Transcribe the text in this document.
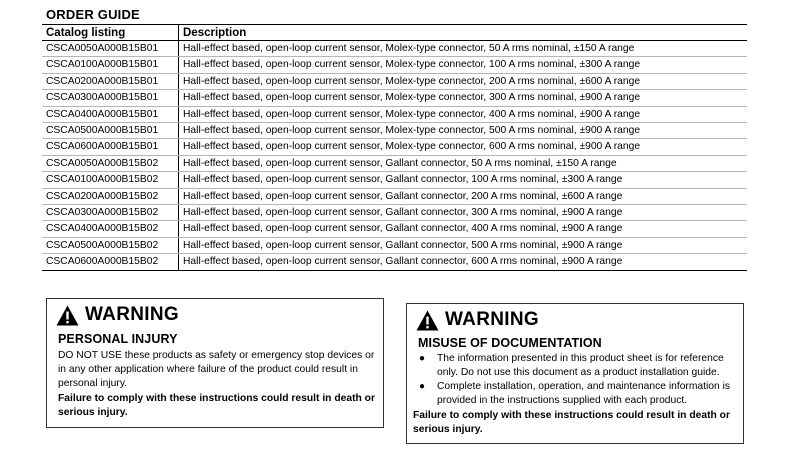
ORDER GUIDE
Catalog listing	Description
CSCA0050A000B15B01	Hall-effect based, open-loop current sensor, Molex-type connector, 50 A rms nominal, ±150 A range
CSCA0100A000B15B01	Hall-effect based, open-loop current sensor, Molex-type connector, 100 A rms nominal, ±300 A range
CSCA0200A000B15B01	Hall-effect based, open-loop current sensor, Molex-type connector, 200 A rms nominal, ±600 A range
CSCA0300A000B15B01	Hall-effect based, open-loop current sensor, Molex-type connector, 300 A rms nominal, ±900 A range
CSCA0400A000B15B01	Hall-effect based, open-loop current sensor, Molex-type connector, 400 A rms nominal, ±900 A range
CSCA0500A000B15B01	Hall-effect based, open-loop current sensor, Molex-type connector, 500 A rms nominal, ±900 A range
CSCA0600A000B15B01	Hall-effect based, open-loop current sensor, Molex-type connector, 600 A rms nominal, ±900 A range
CSCA0050A000B15B02	Hall-effect based, open-loop current sensor, Gallant connector, 50 A rms nominal, ±150 A range
CSCA0100A000B15B02	Hall-effect based, open-loop current sensor, Gallant connector, 100 A rms nominal, ±300 A range
CSCA0200A000B15B02	Hall-effect based, open-loop current sensor, Gallant connector, 200 A rms nominal, ±600 A range
CSCA0300A000B15B02	Hall-effect based, open-loop current sensor, Gallant connector, 300 A rms nominal, ±900 A range
CSCA0400A000B15B02	Hall-effect based, open-loop current sensor, Gallant connector, 400 A rms nominal, ±900 A range
CSCA0500A000B15B02	Hall-effect based, open-loop current sensor, Gallant connector, 500 A rms nominal, ±900 A range
CSCA0600A000B15B02	Hall-effect based, open-loop current sensor, Gallant connector, 600 A rms nominal, ±900 A range
WARNING
PERSONAL INJURY

DO NOT USE these products as safety or emergency stop devices or in any other application where failure of the product could result in personal injury.

Failure to comply with these instructions could result in death or serious injury.

WARNING
MISUSE OF DOCUMENTATION
● The information presented in this product sheet is for reference only. Do not use this document as a product installation guide.
● Complete installation, operation, and maintenance information is provided in the instructions supplied with each product.

Failure to comply with these instructions could result in death or serious injury.
